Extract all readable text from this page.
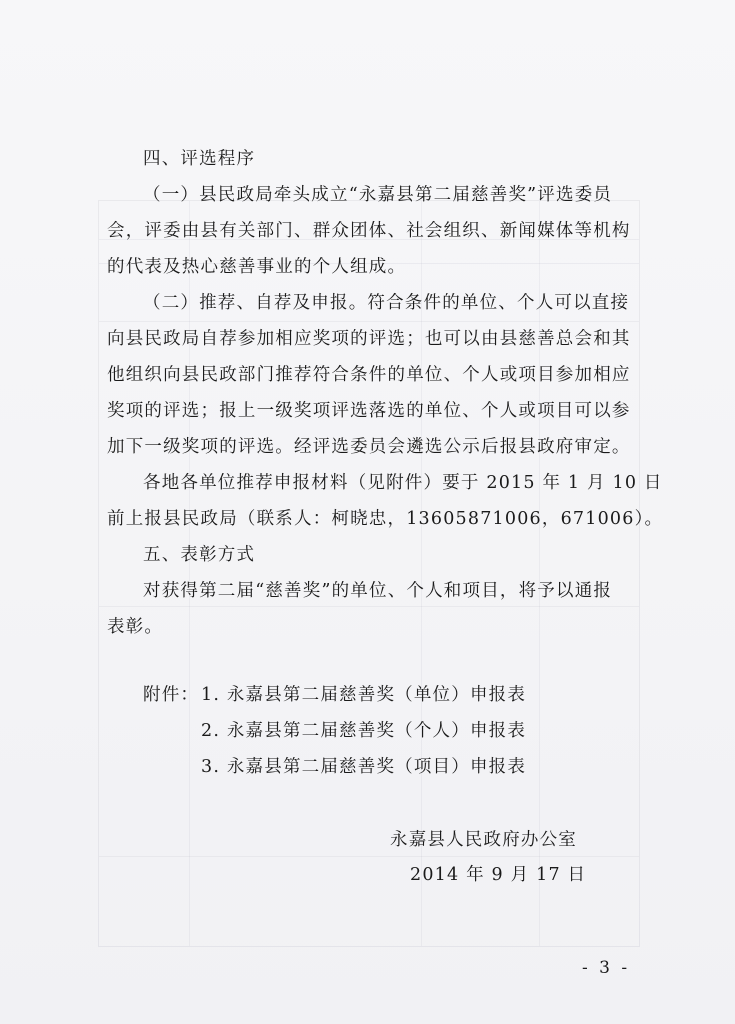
四、评选程序
（一）县民政局牵头成立“永嘉县第二届慈善奖”评选委员
会，评委由县有关部门、群众团体、社会组织、新闻媒体等机构
的代表及热心慈善事业的个人组成。
（二）推荐、自荐及申报。符合条件的单位、个人可以直接
向县民政局自荐参加相应奖项的评选；也可以由县慈善总会和其
他组织向县民政部门推荐符合条件的单位、个人或项目参加相应
奖项的评选；报上一级奖项评选落选的单位、个人或项目可以参
加下一级奖项的评选。经评选委员会遴选公示后报县政府审定。
各地各单位推荐申报材料（见附件）要于 2015 年 1 月 10 日
前上报县民政局（联系人：柯晓忠，13605871006，671006）。
五、表彰方式
对获得第二届“慈善奖”的单位、个人和项目，将予以通报
表彰。
附件： 1. 永嘉县第二届慈善奖（单位）申报表
2. 永嘉县第二届慈善奖（个人）申报表
3. 永嘉县第二届慈善奖（项目）申报表
永嘉县人民政府办公室
2014 年 9 月 17 日
- 3 -
